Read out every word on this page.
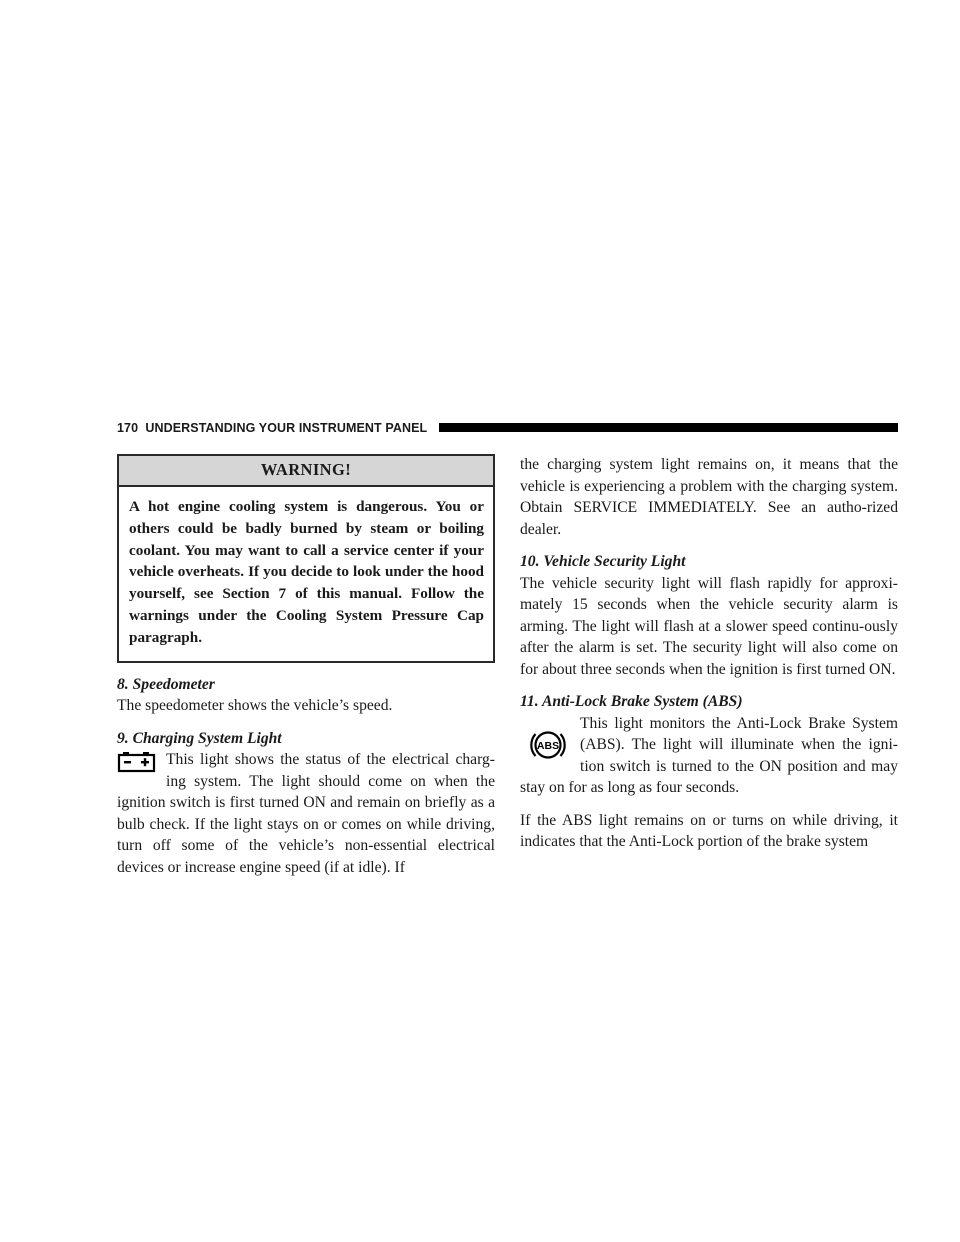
170 UNDERSTANDING YOUR INSTRUMENT PANEL
WARNING!
A hot engine cooling system is dangerous. You or others could be badly burned by steam or boiling coolant. You may want to call a service center if your vehicle overheats. If you decide to look under the hood yourself, see Section 7 of this manual. Follow the warnings under the Cooling System Pressure Cap paragraph.

8. Speedometer

The speedometer shows the vehicle’s speed.

9. Charging System Light

This light shows the status of the electrical charg-ing system. The light should come on when the ignition switch is first turned ON and remain on briefly as a bulb check. If the light stays on or comes on while driving, turn off some of the vehicle’s non-essential electrical devices or increase engine speed (if at idle). If

the charging system light remains on, it means that the vehicle is experiencing a problem with the charging system. Obtain SERVICE IMMEDIATELY. See an autho-rized dealer.

10. Vehicle Security Light

The vehicle security light will flash rapidly for approxi-mately 15 seconds when the vehicle security alarm is arming. The light will flash at a slower speed continu-ously after the alarm is set. The security light will also come on for about three seconds when the ignition is first turned ON.

11. Anti-Lock Brake System (ABS)

ABS

This light monitors the Anti-Lock Brake System (ABS). The light will illuminate when the igni-tion switch is turned to the ON position and may stay on for as long as four seconds.

If the ABS light remains on or turns on while driving, it indicates that the Anti-Lock portion of the brake system
